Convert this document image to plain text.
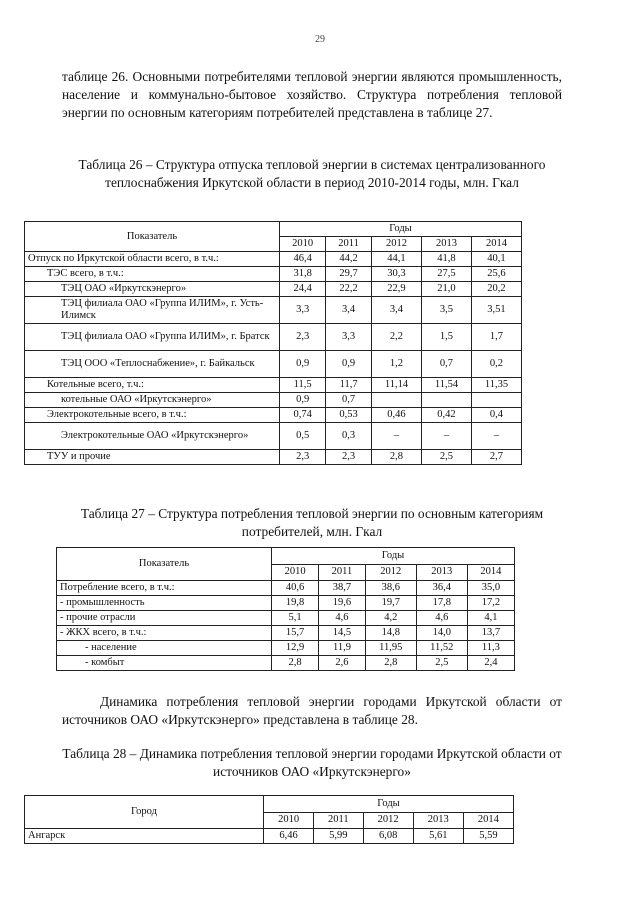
29

таблице 26. Основными потребителями тепловой энергии являются промышленность, население и коммунально-бытовое хозяйство. Структура потребления тепловой энергии по основным категориям потребителей представлена в таблице 27.

Таблица 26 – Структура отпуска тепловой энергии в системах централизованного теплоснабжения Иркутской области в период 2010-2014 годы, млн. Гкал
Показатель	Годы				
	2010	2011	2012	2013	2014
Отпуск по Иркутской области всего, в т.ч.:	46,4	44,2	44,1	41,8	40,1
ТЭС всего, в т.ч.:	31,8	29,7	30,3	27,5	25,6
ТЭЦ ОАО «Иркутскэнерго»	24,4	22,2	22,9	21,0	20,2
ТЭЦ филиала ОАО «Группа ИЛИМ», г. Усть-Илимск	3,3	3,4	3,4	3,5	3,51
ТЭЦ филиала ОАО «Группа ИЛИМ», г. Братск	2,3	3,3	2,2	1,5	1,7
ТЭЦ ООО «Теплоснабжение», г. Байкальск	0,9	0,9	1,2	0,7	0,2
Котельные всего, т.ч.:	11,5	11,7	11,14	11,54	11,35
котельные ОАО «Иркутскэнерго»	0,9	0,7			
Электрокотельные всего, в т.ч.:	0,74	0,53	0,46	0,42	0,4
Электрокотельные ОАО «Иркутскэнерго»	0,5	0,3	–	–	–
ТУУ и прочие	2,3	2,3	2,8	2,5	2,7
Таблица 27 – Структура потребления тепловой энергии по основным категориям потребителей, млн. Гкал
Показатель	Годы				
	2010	2011	2012	2013	2014
Потребление всего, в т.ч.:	40,6	38,7	38,6	36,4	35,0
- промышленность	19,8	19,6	19,7	17,8	17,2
- прочие отрасли	5,1	4,6	4,2	4,6	4,1
- ЖКХ всего, в т.ч.:	15,7	14,5	14,8	14,0	13,7
- население	12,9	11,9	11,95	11,52	11,3
- комбыт	2,8	2,6	2,8	2,5	2,4

Динамика потребления тепловой энергии городами Иркутской области от источников ОАО «Иркутскэнерго» представлена в таблице 28.

Таблица 28 – Динамика потребления тепловой энергии городами Иркутской области от источников ОАО «Иркутскэнерго»
Город	Годы				
	2010	2011	2012	2013	2014
Ангарск	6,46	5,99	6,08	5,61	5,59
